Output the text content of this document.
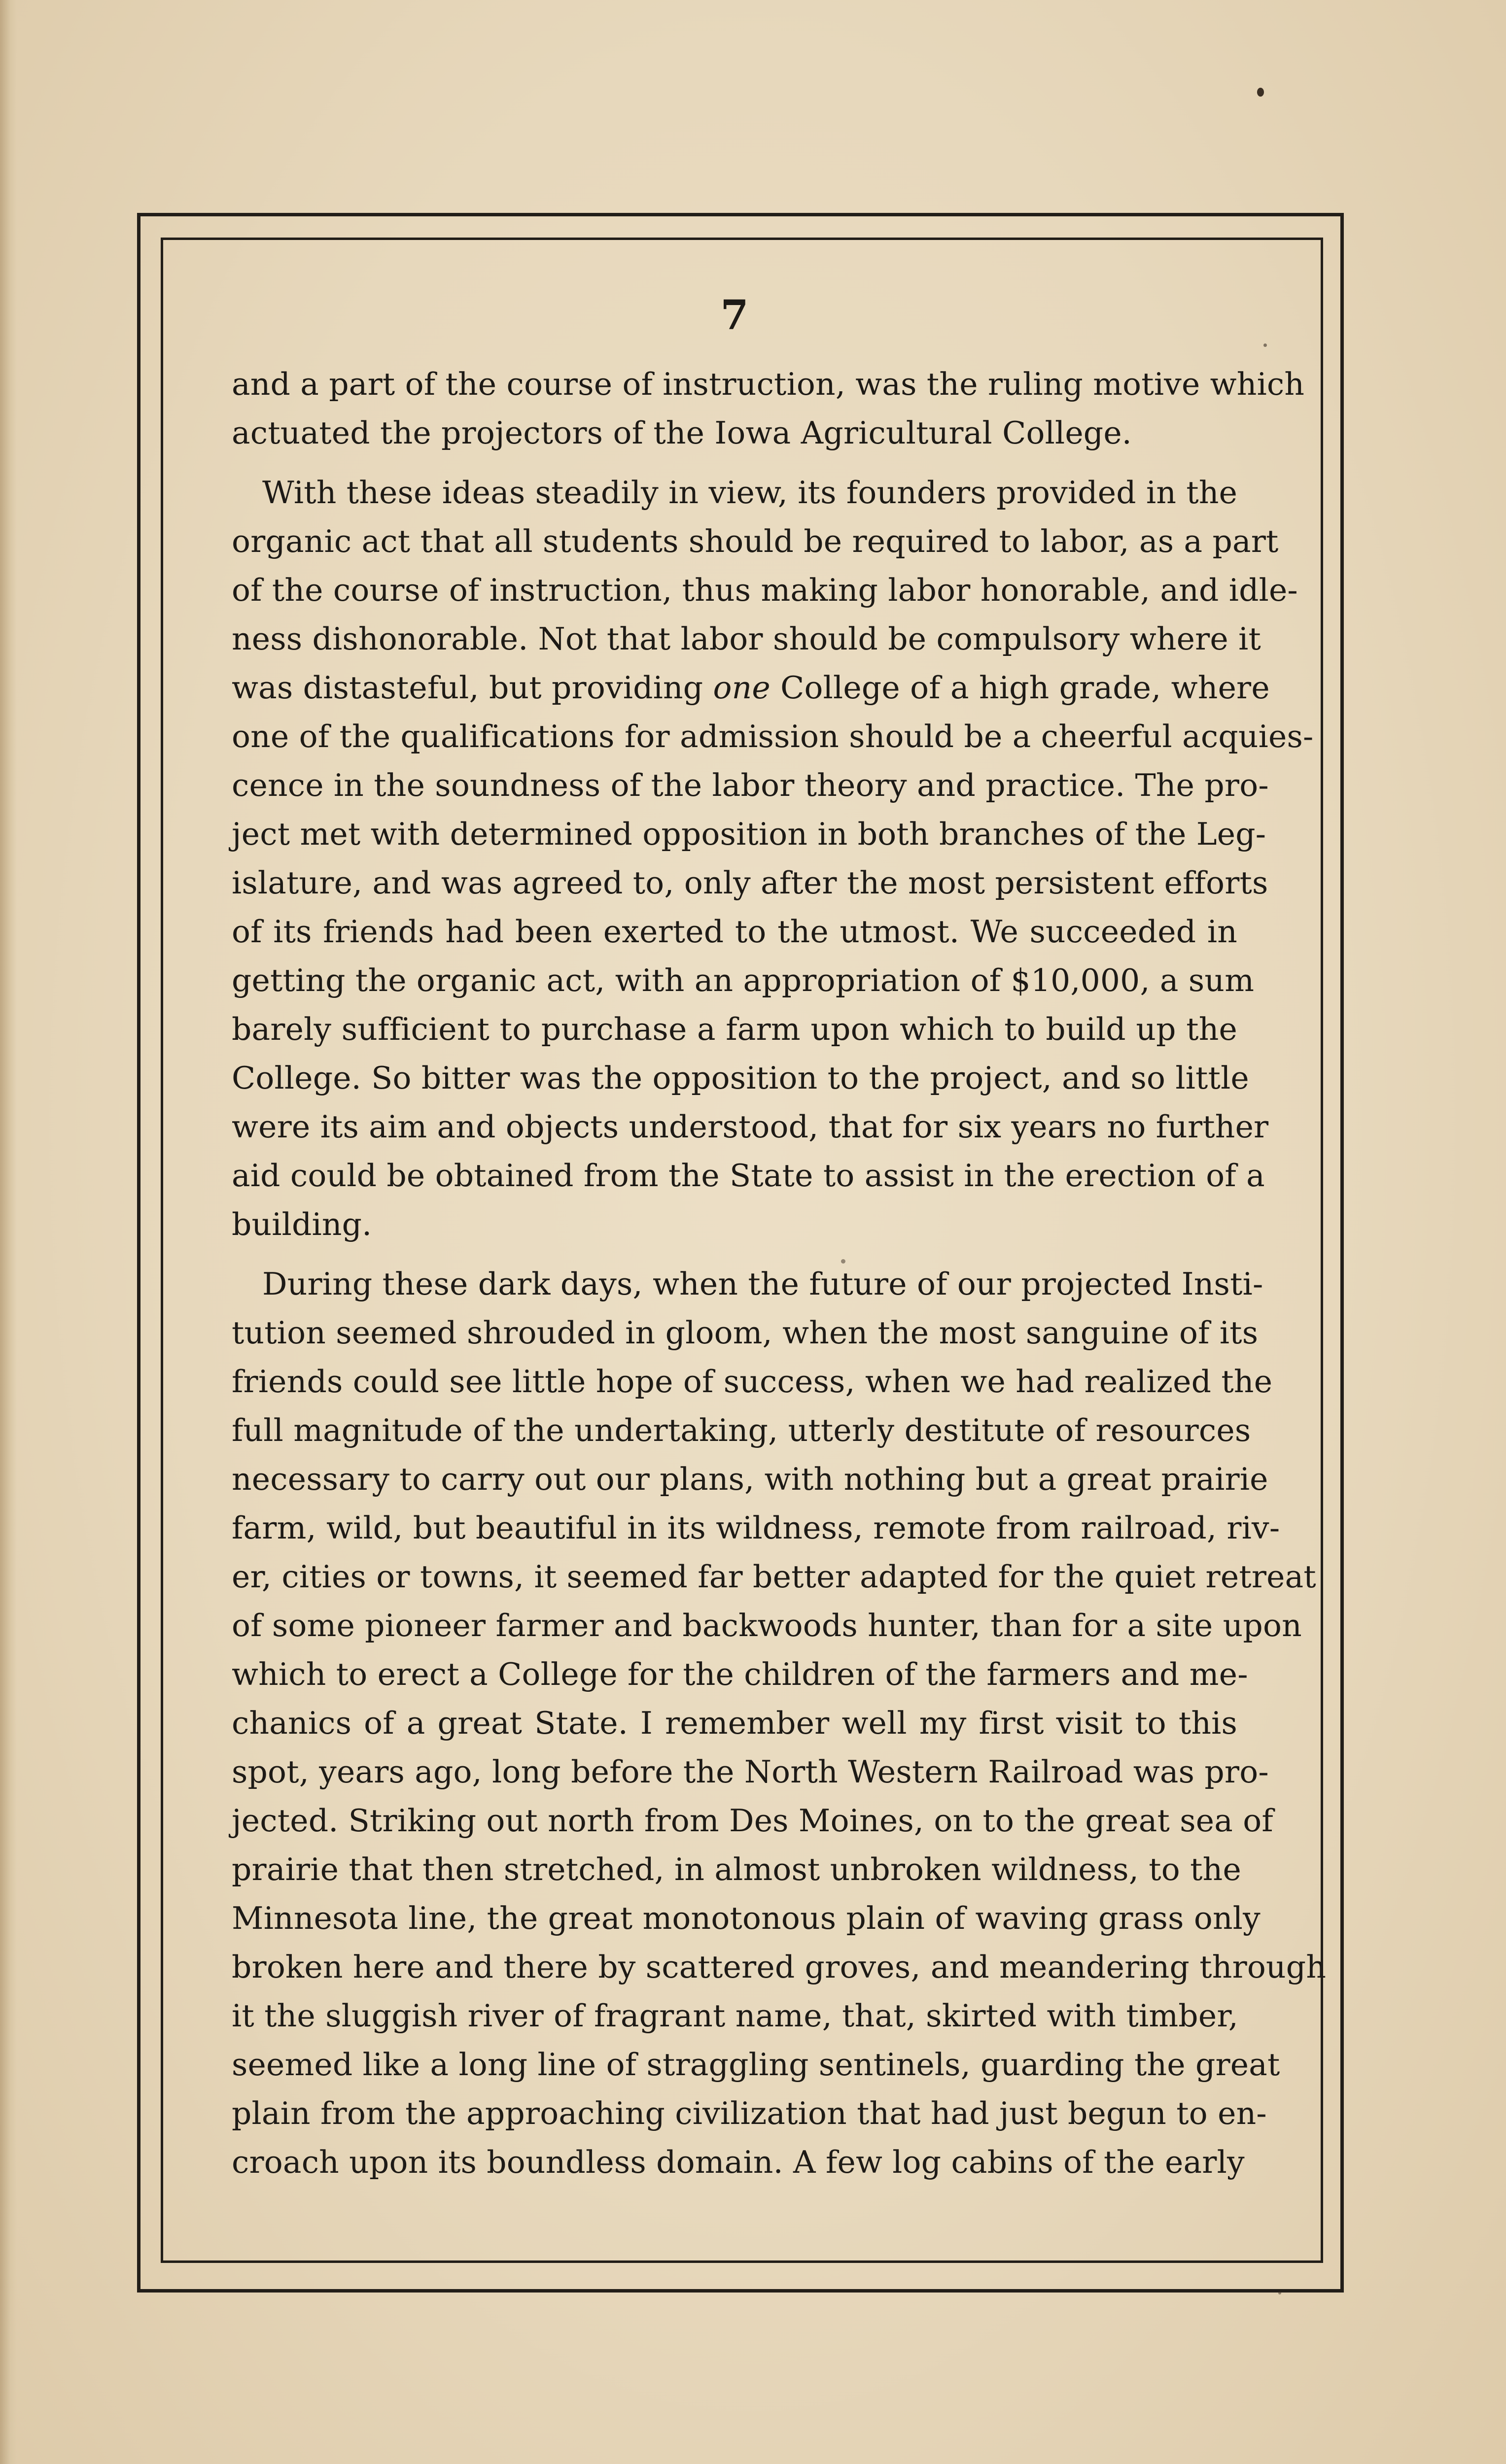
7
and a part of the course of instruction, was the ruling motive which
actuated the projectors of the Iowa Agricultural College.
With these ideas steadily in view, its founders provided in the
organic act that all students should be required to labor, as a part
of the course of instruction, thus making labor honorable, and idle-
ness dishonorable. Not that labor should be compulsory where it
was distasteful, but providing one College of a high grade, where
one of the qualifications for admission should be a cheerful acquies-
cence in the soundness of the labor theory and practice. The pro-
ject met with determined opposition in both branches of the Leg-
islature, and was agreed to, only after the most persistent efforts
of its friends had been exerted to the utmost. We succeeded in
getting the organic act, with an appropriation of $10,000, a sum
barely sufficient to purchase a farm upon which to build up the
College. So bitter was the opposition to the project, and so little
were its aim and objects understood, that for six years no further
aid could be obtained from the State to assist in the erection of a
building.
During these dark days, when the future of our projected Insti-
tution seemed shrouded in gloom, when the most sanguine of its
friends could see little hope of success, when we had realized the
full magnitude of the undertaking, utterly destitute of resources
necessary to carry out our plans, with nothing but a great prairie
farm, wild, but beautiful in its wildness, remote from railroad, riv-
er, cities or towns, it seemed far better adapted for the quiet retreat
of some pioneer farmer and backwoods hunter, than for a site upon
which to erect a College for the children of the farmers and me-
chanics of a great State. I remember well my first visit to this
spot, years ago, long before the North Western Railroad was pro-
jected. Striking out north from Des Moines, on to the great sea of
prairie that then stretched, in almost unbroken wildness, to the
Minnesota line, the great monotonous plain of waving grass only
broken here and there by scattered groves, and meandering through
it the sluggish river of fragrant name, that, skirted with timber,
seemed like a long line of straggling sentinels, guarding the great
plain from the approaching civilization that had just begun to en-
croach upon its boundless domain. A few log cabins of the early
